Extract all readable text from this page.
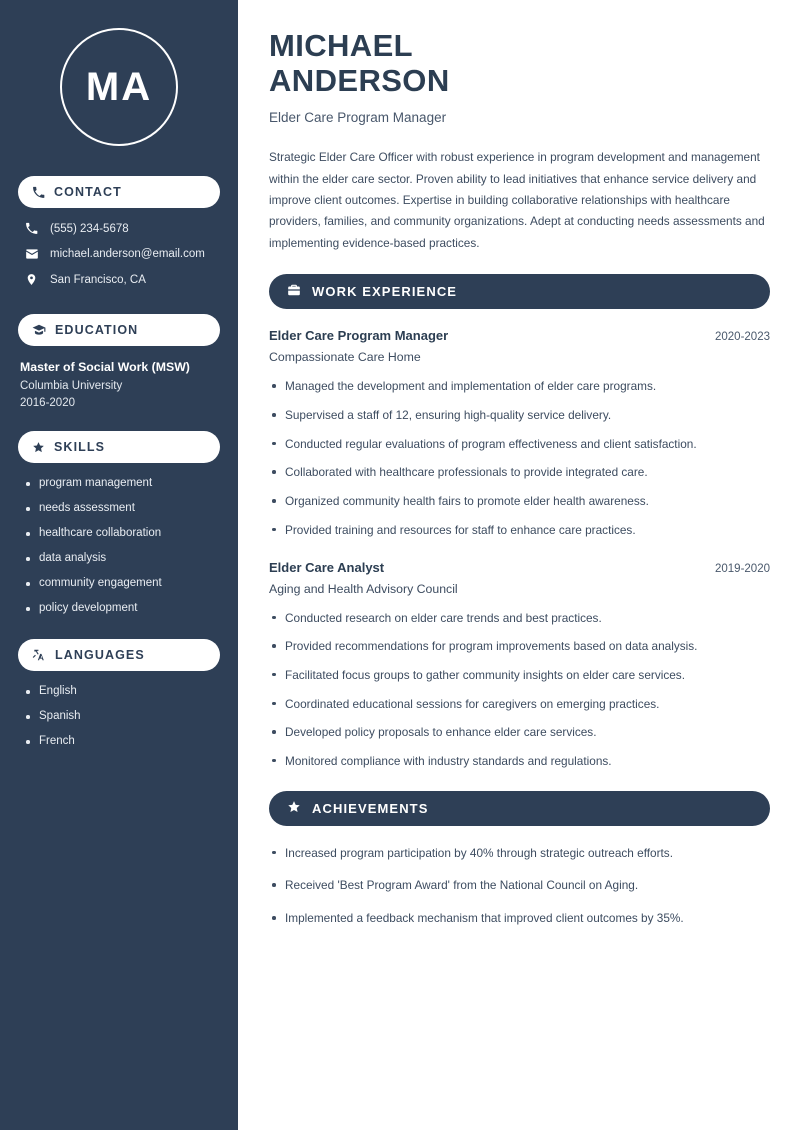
MA
CONTACT
(555) 234-5678
michael.anderson@email.com
San Francisco, CA
EDUCATION
Master of Social Work (MSW)
Columbia University
2016-2020
SKILLS
program management
needs assessment
healthcare collaboration
data analysis
community engagement
policy development
LANGUAGES
English
Spanish
French
MICHAEL
ANDERSON
Elder Care Program Manager

Strategic Elder Care Officer with robust experience in program development and management within the elder care sector. Proven ability to lead initiatives that enhance service delivery and improve client outcomes. Expertise in building collaborative relationships with healthcare providers, families, and community organizations. Adept at conducting needs assessments and implementing evidence-based practices.

WORK EXPERIENCE
Elder Care Program Manager	2020-2023
Compassionate Care Home
Managed the development and implementation of elder care programs.
Supervised a staff of 12, ensuring high-quality service delivery.
Conducted regular evaluations of program effectiveness and client satisfaction.
Collaborated with healthcare professionals to provide integrated care.
Organized community health fairs to promote elder health awareness.
Provided training and resources for staff to enhance care practices.
Elder Care Analyst	2019-2020
Aging and Health Advisory Council
Conducted research on elder care trends and best practices.
Provided recommendations for program improvements based on data analysis.
Facilitated focus groups to gather community insights on elder care services.
Coordinated educational sessions for caregivers on emerging practices.
Developed policy proposals to enhance elder care services.
Monitored compliance with industry standards and regulations.
ACHIEVEMENTS
Increased program participation by 40% through strategic outreach efforts.
Received 'Best Program Award' from the National Council on Aging.
Implemented a feedback mechanism that improved client outcomes by 35%.
